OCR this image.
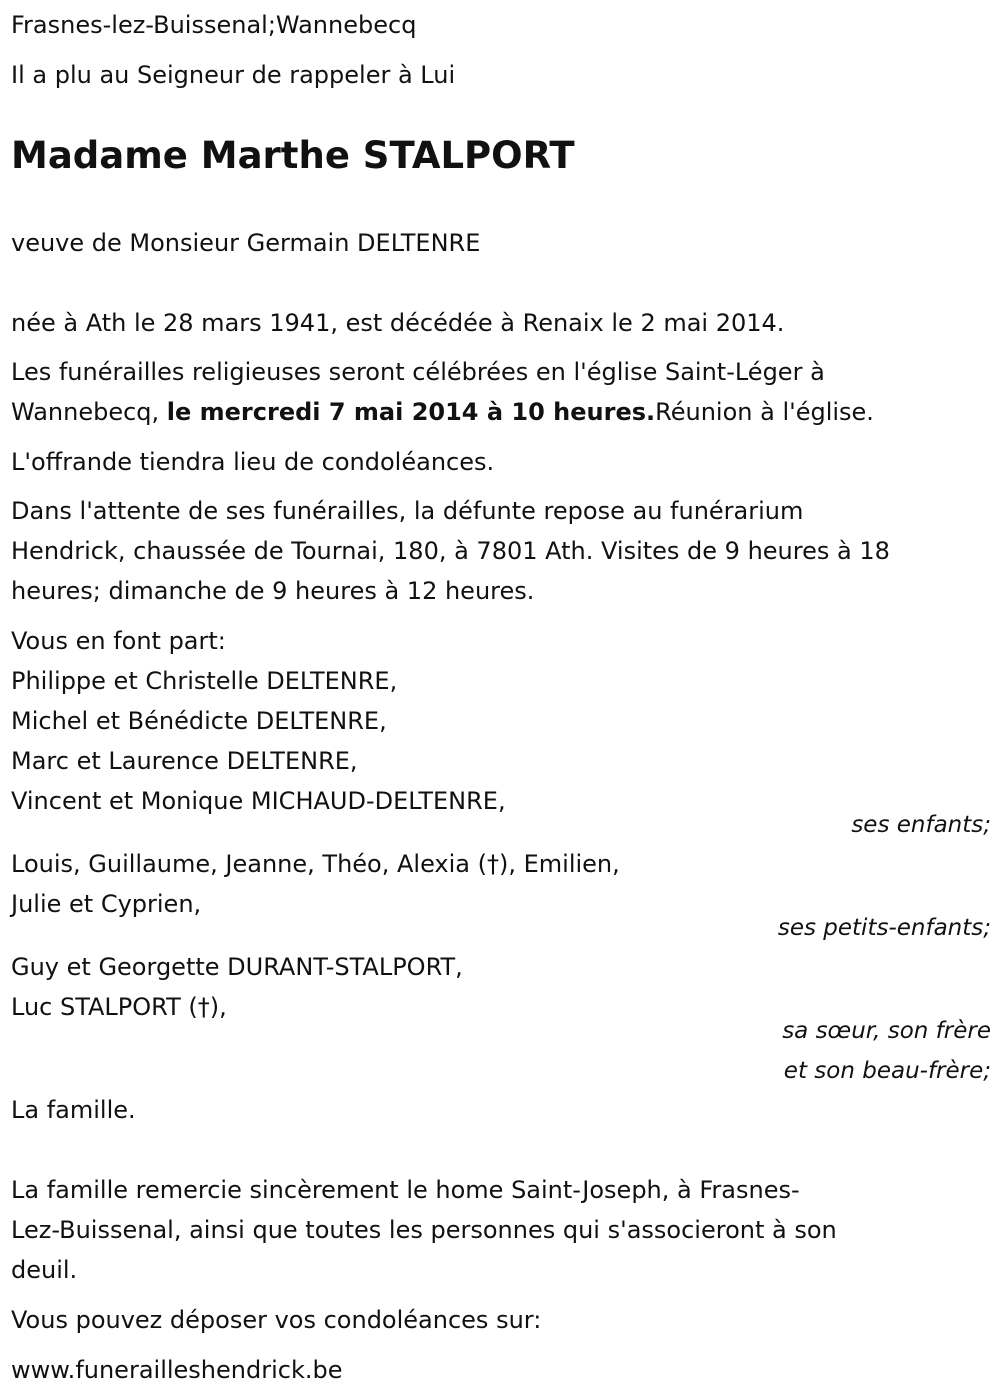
Frasnes-lez-Buissenal;Wannebecq
Il a plu au Seigneur de rappeler à Lui
Madame Marthe STALPORT
veuve de Monsieur Germain DELTENRE
née à Ath le 28 mars 1941, est décédée à Renaix le 2 mai 2014.
Les funérailles religieuses seront célébrées en l'église Saint-Léger à
Wannebecq, le mercredi 7 mai 2014 à 10 heures.Réunion à l'église.
L'offrande tiendra lieu de condoléances.
Dans l'attente de ses funérailles, la défunte repose au funérarium
Hendrick, chaussée de Tournai, 180, à 7801 Ath. Visites de 9 heures à 18
heures; dimanche de 9 heures à 12 heures.
Vous en font part:
Philippe et Christelle DELTENRE,
Michel et Bénédicte DELTENRE,
Marc et Laurence DELTENRE,
Vincent et Monique MICHAUD-DELTENRE,
ses enfants;
Louis, Guillaume, Jeanne, Théo, Alexia (†), Emilien,
Julie et Cyprien,
ses petits-enfants;
Guy et Georgette DURANT-STALPORT,
Luc STALPORT (†),
sa sœur, son frère
et son beau-frère;
La famille.
La famille remercie sincèrement le home Saint-Joseph, à Frasnes-
Lez-Buissenal, ainsi que toutes les personnes qui s'associeront à son
deuil.
Vous pouvez déposer vos condoléances sur:
www.funerailleshendrick.be
